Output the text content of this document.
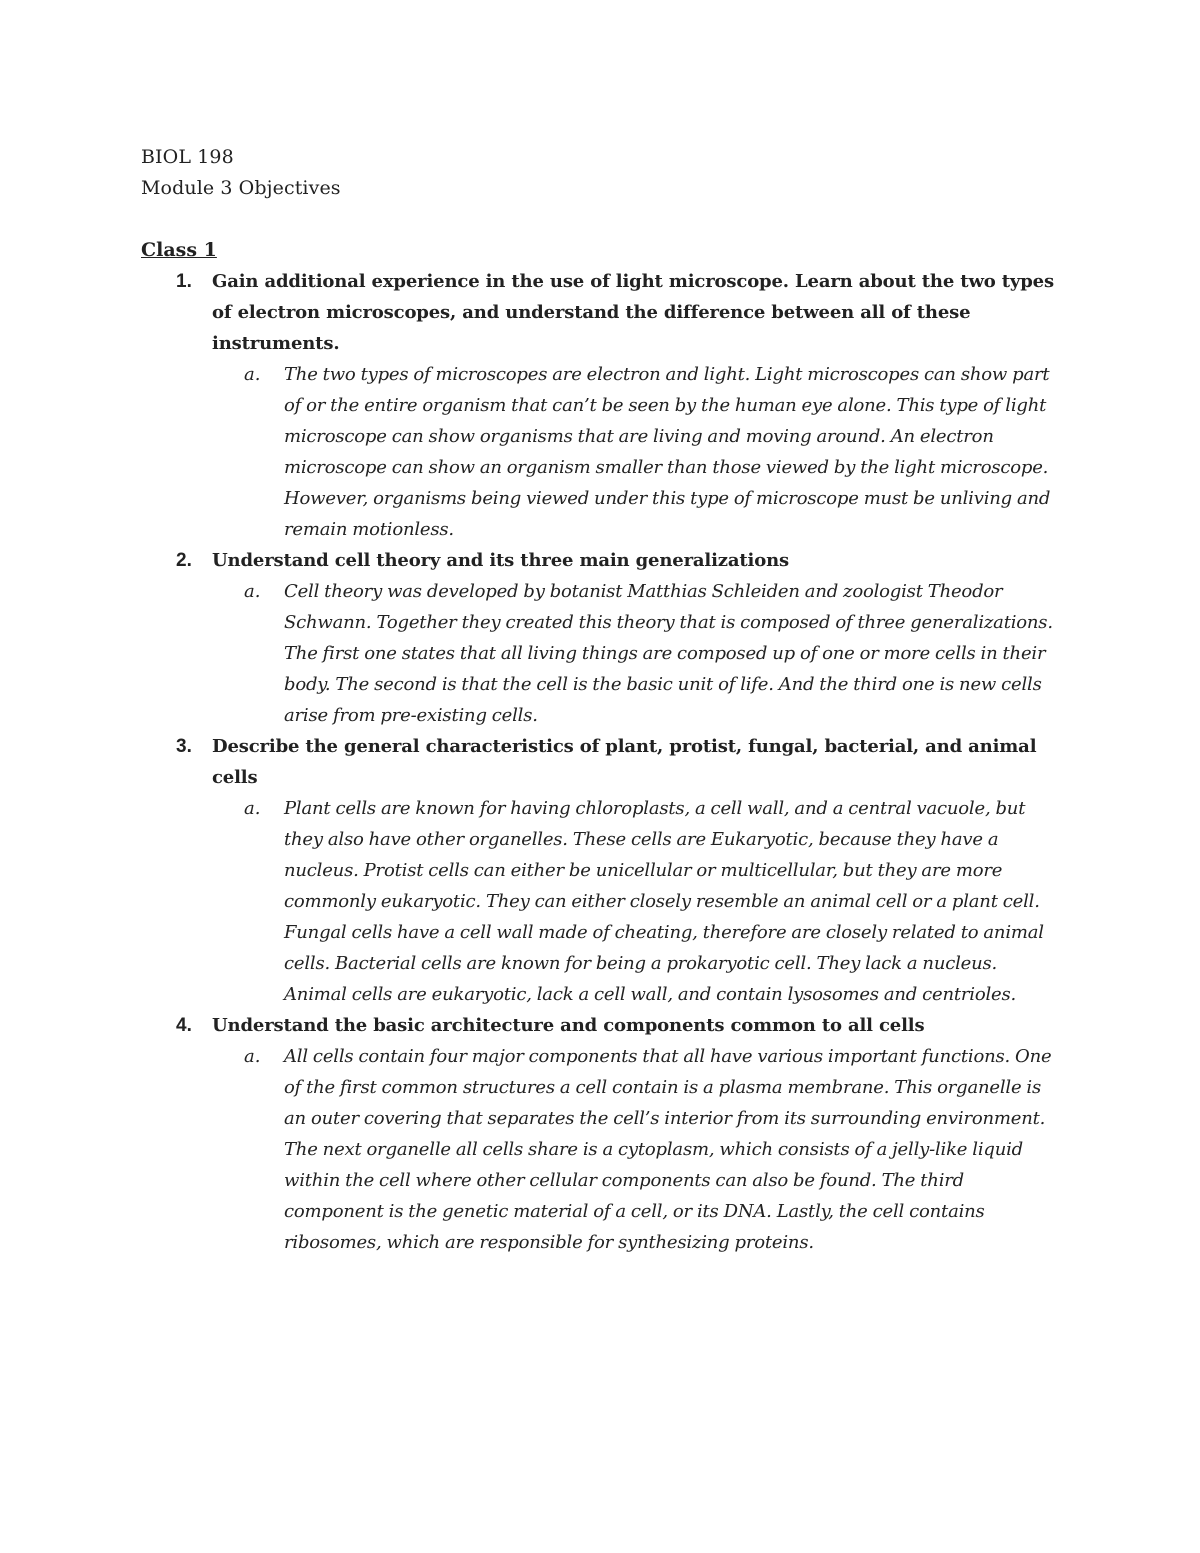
BIOL 198
Module 3 Objectives
Class 1
1. Gain additional experience in the use of light microscope. Learn about the two types of electron microscopes, and understand the difference between all of these instruments.
a. The two types of microscopes are electron and light. Light microscopes can show part of or the entire organism that can’t be seen by the human eye alone. This type of light microscope can show organisms that are living and moving around. An electron microscope can show an organism smaller than those viewed by the light microscope. However, organisms being viewed under this type of microscope must be unliving and remain motionless.
2. Understand cell theory and its three main generalizations
a. Cell theory was developed by botanist Matthias Schleiden and zoologist Theodor Schwann. Together they created this theory that is composed of three generalizations. The first one states that all living things are composed up of one or more cells in their body. The second is that the cell is the basic unit of life. And the third one is new cells arise from pre-existing cells.
3. Describe the general characteristics of plant, protist, fungal, bacterial, and animal cells
a. Plant cells are known for having chloroplasts, a cell wall, and a central vacuole, but they also have other organelles. These cells are Eukaryotic, because they have a nucleus. Protist cells can either be unicellular or multicellular, but they are more commonly eukaryotic. They can either closely resemble an animal cell or a plant cell. Fungal cells have a cell wall made of cheating, therefore are closely related to animal cells. Bacterial cells are known for being a prokaryotic cell. They lack a nucleus. Animal cells are eukaryotic, lack a cell wall, and contain lysosomes and centrioles.
4. Understand the basic architecture and components common to all cells
a. All cells contain four major components that all have various important functions. One of the first common structures a cell contain is a plasma membrane. This organelle is an outer covering that separates the cell’s interior from its surrounding environment. The next organelle all cells share is a cytoplasm, which consists of a jelly-like liquid within the cell where other cellular components can also be found. The third component is the genetic material of a cell, or its DNA. Lastly, the cell contains ribosomes, which are responsible for synthesizing proteins.
